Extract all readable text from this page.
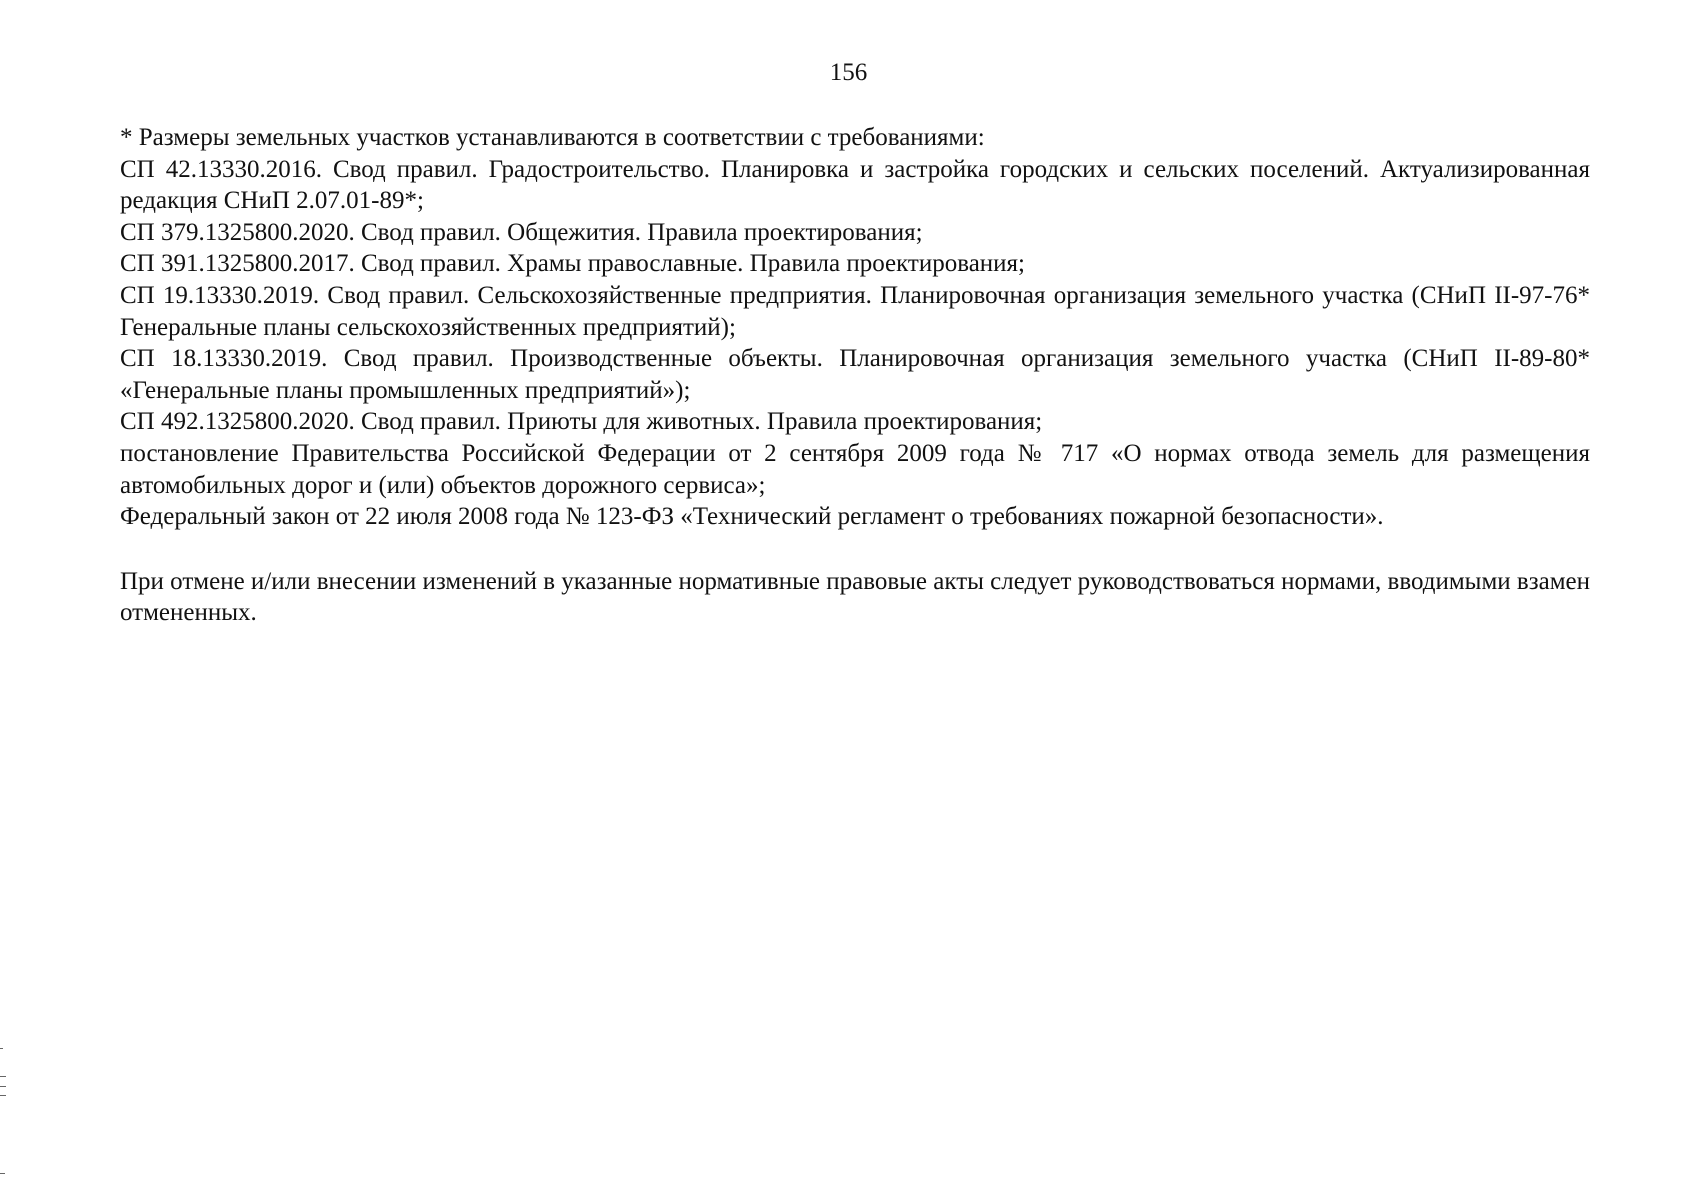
156

* Размеры земельных участков устанавливаются в соответствии с требованиями:

СП 42.13330.2016. Свод правил. Градостроительство. Планировка и застройка городских и сельских поселений. Актуализированная редакция СНиП 2.07.01-89*;

СП 379.1325800.2020. Свод правил. Общежития. Правила проектирования;

СП 391.1325800.2017. Свод правил. Храмы православные. Правила проектирования;

СП 19.13330.2019. Свод правил. Сельскохозяйственные предприятия. Планировочная организация земельного участка (СНиП II-97-76* Генеральные планы сельскохозяйственных предприятий);

СП 18.13330.2019. Свод правил. Производственные объекты. Планировочная организация земельного участка (СНиП II-89-80* «Генеральные планы промышленных предприятий»);

СП 492.1325800.2020. Свод правил. Приюты для животных. Правила проектирования;

постановление Правительства Российской Федерации от 2 сентября 2009 года № 717 «О нормах отвода земель для размещения автомобильных дорог и (или) объектов дорожного сервиса»;

Федеральный закон от 22 июля 2008 года № 123-ФЗ «Технический регламент о требованиях пожарной безопасности».

При отмене и/или внесении изменений в указанные нормативные правовые акты следует руководствоваться нормами, вводимыми взамен отмененных.
